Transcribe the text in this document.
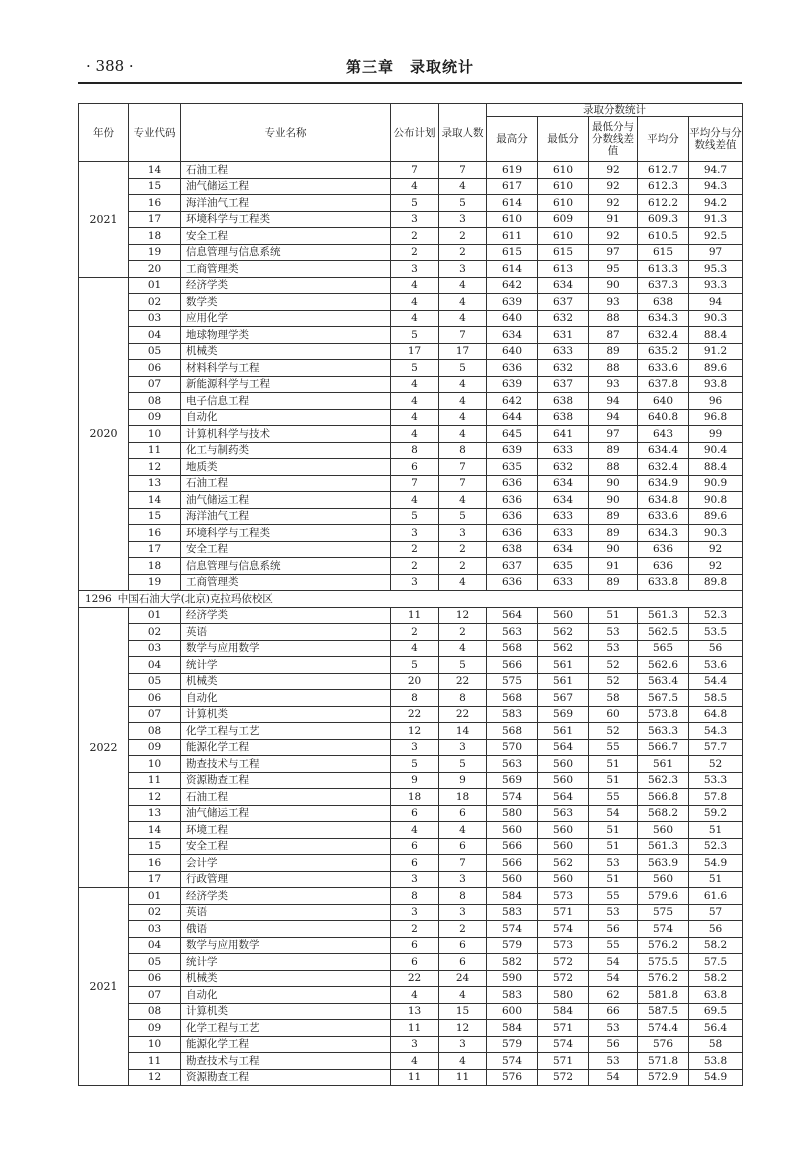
· 388 ·	第三章　录取统计
年份	专业代码	专业名称	公布计划	录取人数	录取分数统计				
					最高分	最低分	最低分与分数线差值	平均分	平均分与分数线差值
2021	14	石油工程	7	7	619	610	92	612.7	94.7
	15	油气储运工程	4	4	617	610	92	612.3	94.3
	16	海洋油气工程	5	5	614	610	92	612.2	94.2
	17	环境科学与工程类	3	3	610	609	91	609.3	91.3
	18	安全工程	2	2	611	610	92	610.5	92.5
	19	信息管理与信息系统	2	2	615	615	97	615	97
	20	工商管理类	3	3	614	613	95	613.3	95.3
2020	01	经济学类	4	4	642	634	90	637.3	93.3
	02	数学类	4	4	639	637	93	638	94
	03	应用化学	4	4	640	632	88	634.3	90.3
	04	地球物理学类	5	7	634	631	87	632.4	88.4
	05	机械类	17	17	640	633	89	635.2	91.2
	06	材料科学与工程	5	5	636	632	88	633.6	89.6
	07	新能源科学与工程	4	4	639	637	93	637.8	93.8
	08	电子信息工程	4	4	642	638	94	640	96
	09	自动化	4	4	644	638	94	640.8	96.8
	10	计算机科学与技术	4	4	645	641	97	643	99
	11	化工与制药类	8	8	639	633	89	634.4	90.4
	12	地质类	6	7	635	632	88	632.4	88.4
	13	石油工程	7	7	636	634	90	634.9	90.9
	14	油气储运工程	4	4	636	634	90	634.8	90.8
	15	海洋油气工程	5	5	636	633	89	633.6	89.6
	16	环境科学与工程类	3	3	636	633	89	634.3	90.3
	17	安全工程	2	2	638	634	90	636	92
	18	信息管理与信息系统	2	2	637	635	91	636	92
	19	工商管理类	3	4	636	633	89	633.8	89.8
1296 中国石油大学(北京)克拉玛依校区									
2022	01	经济学类	11	12	564	560	51	561.3	52.3
	02	英语	2	2	563	562	53	562.5	53.5
	03	数学与应用数学	4	4	568	562	53	565	56
	04	统计学	5	5	566	561	52	562.6	53.6
	05	机械类	20	22	575	561	52	563.4	54.4
	06	自动化	8	8	568	567	58	567.5	58.5
	07	计算机类	22	22	583	569	60	573.8	64.8
	08	化学工程与工艺	12	14	568	561	52	563.3	54.3
	09	能源化学工程	3	3	570	564	55	566.7	57.7
	10	勘查技术与工程	5	5	563	560	51	561	52
	11	资源勘查工程	9	9	569	560	51	562.3	53.3
	12	石油工程	18	18	574	564	55	566.8	57.8
	13	油气储运工程	6	6	580	563	54	568.2	59.2
	14	环境工程	4	4	560	560	51	560	51
	15	安全工程	6	6	566	560	51	561.3	52.3
	16	会计学	6	7	566	562	53	563.9	54.9
	17	行政管理	3	3	560	560	51	560	51
2021	01	经济学类	8	8	584	573	55	579.6	61.6
	02	英语	3	3	583	571	53	575	57
	03	俄语	2	2	574	574	56	574	56
	04	数学与应用数学	6	6	579	573	55	576.2	58.2
	05	统计学	6	6	582	572	54	575.5	57.5
	06	机械类	22	24	590	572	54	576.2	58.2
	07	自动化	4	4	583	580	62	581.8	63.8
	08	计算机类	13	15	600	584	66	587.5	69.5
	09	化学工程与工艺	11	12	584	571	53	574.4	56.4
	10	能源化学工程	3	3	579	574	56	576	58
	11	勘查技术与工程	4	4	574	571	53	571.8	53.8
	12	资源勘查工程	11	11	576	572	54	572.9	54.9
